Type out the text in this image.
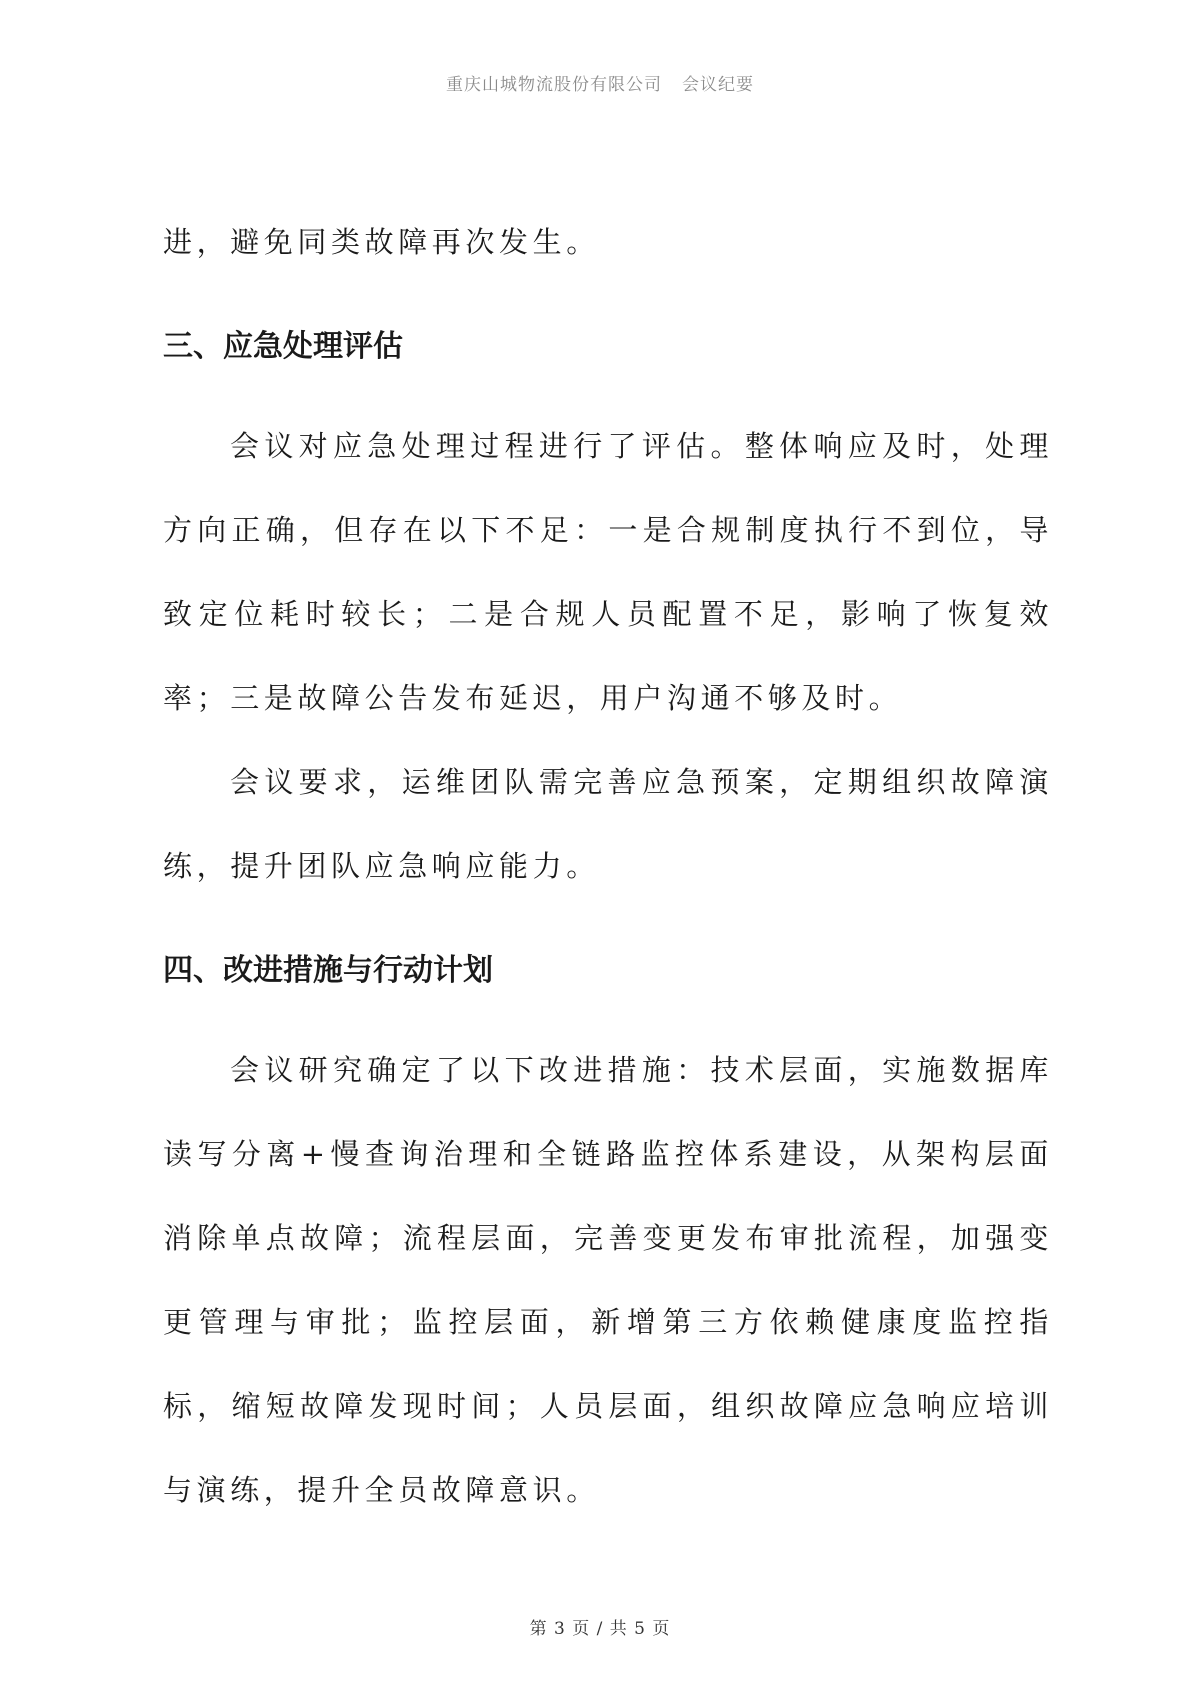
重庆山城物流股份有限公司 会议纪要

进，避免同类故障再次发生。

三、应急处理评估

会议对应急处理过程进行了评估。整体响应及时，处理方向正确，但存在以下不足：一是合规制度执行不到位，导致定位耗时较长；二是合规人员配置不足，影响了恢复效率；三是故障公告发布延迟，用户沟通不够及时。

会议要求，运维团队需完善应急预案，定期组织故障演练，提升团队应急响应能力。

四、改进措施与行动计划

会议研究确定了以下改进措施：技术层面，实施数据库读写分离+慢查询治理和全链路监控体系建设，从架构层面消除单点故障；流程层面，完善变更发布审批流程，加强变更管理与审批；监控层面，新增第三方依赖健康度监控指标，缩短故障发现时间；人员层面，组织故障应急响应培训与演练，提升全员故障意识。

第 3 页 / 共 5 页
